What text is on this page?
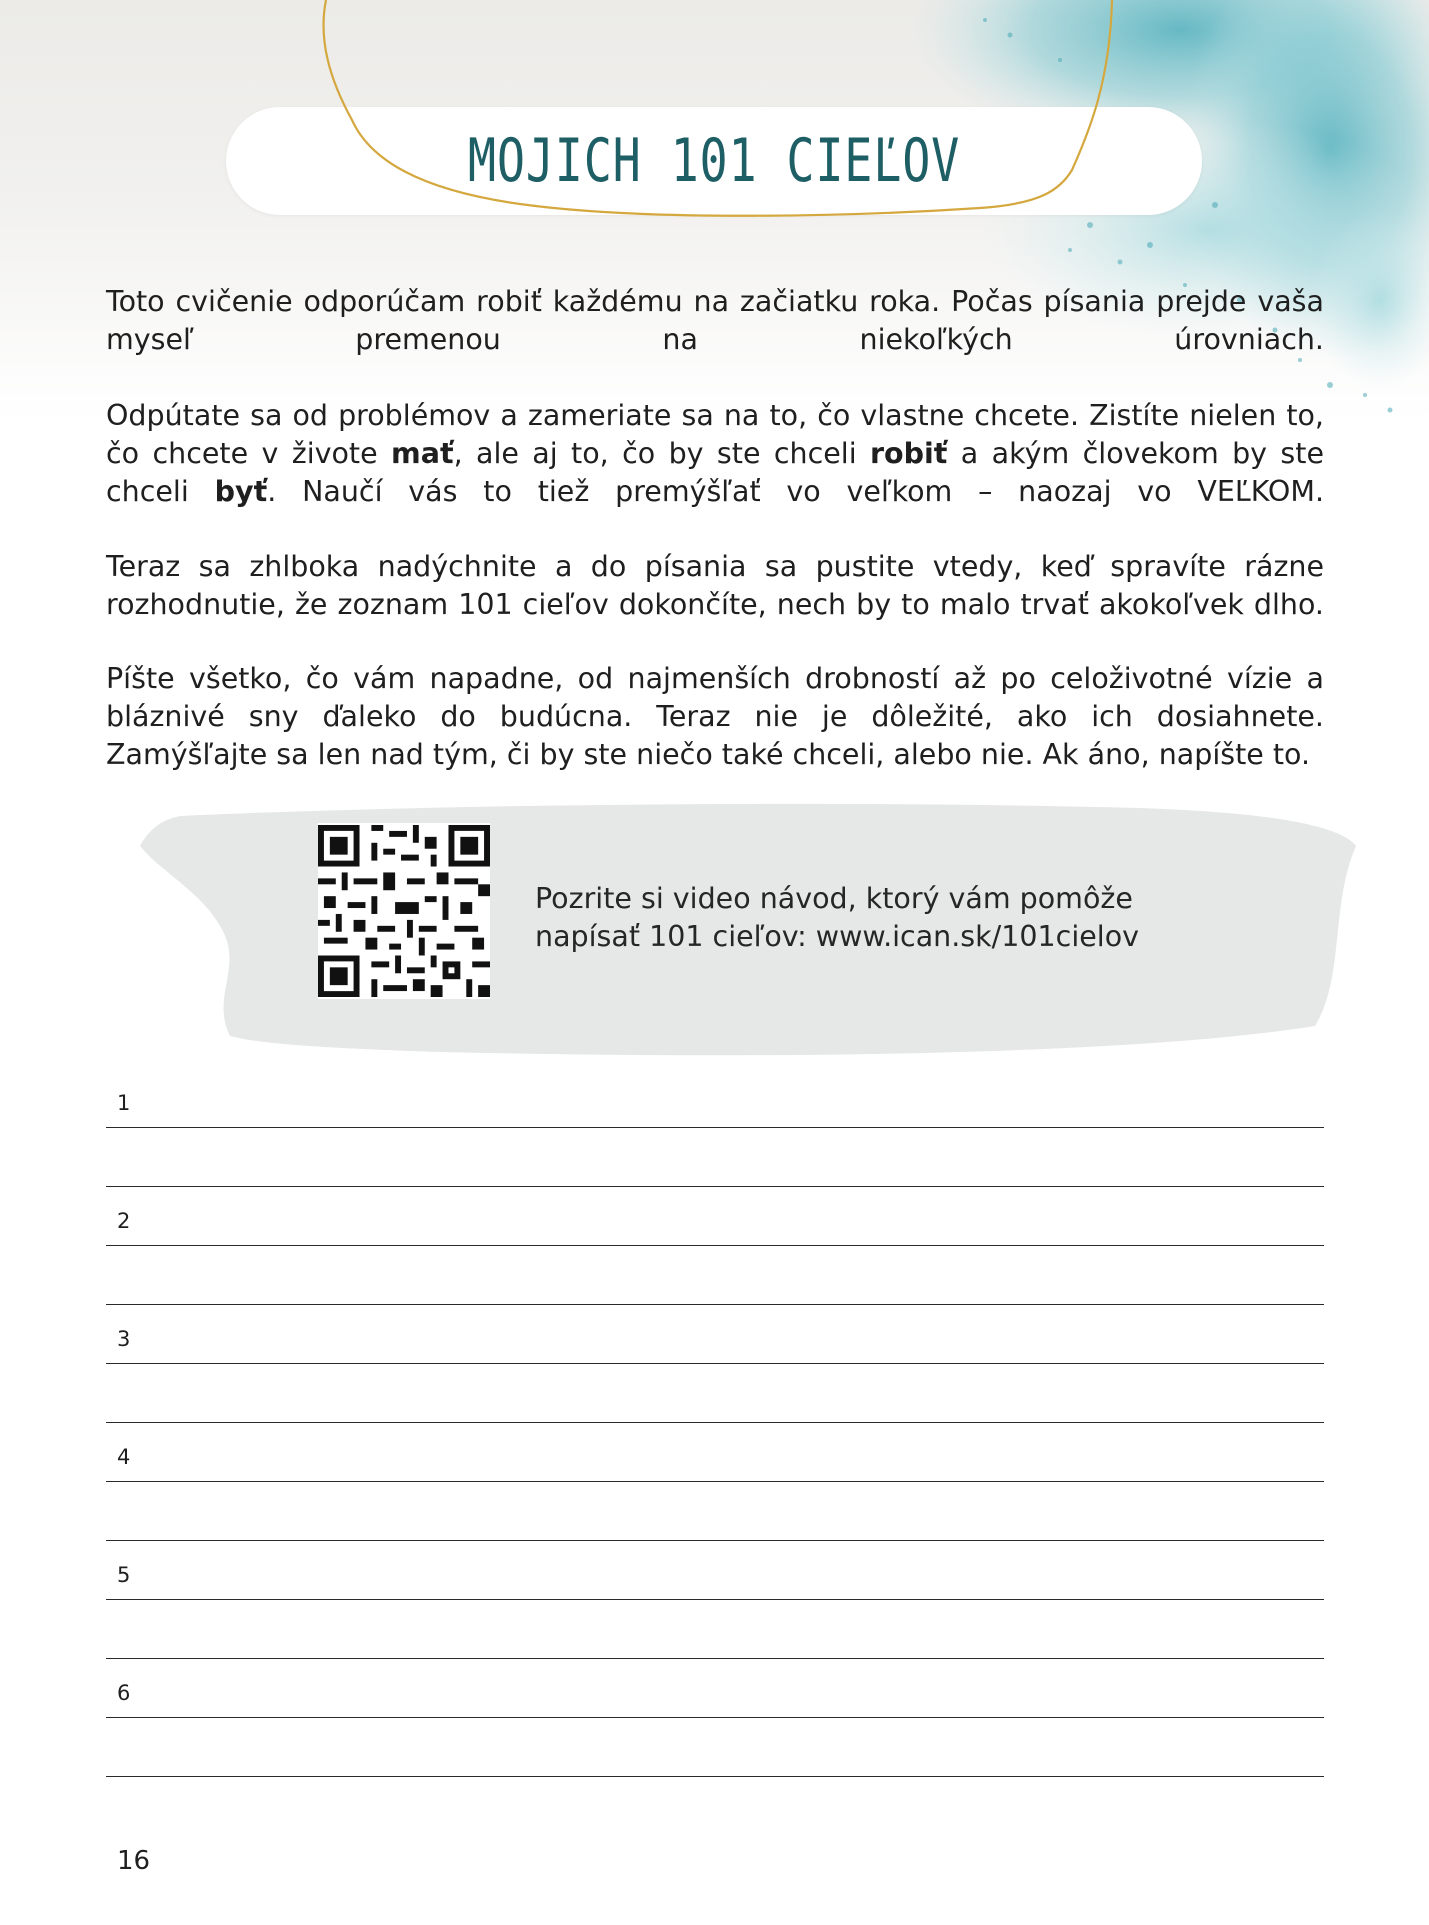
MOJICH 101 CIEĽOV

Toto cvičenie odporúčam robiť každému na začiatku roka. Počas písania prejde vaša myseľ premenou na niekoľkých úrovniach.

Odpútate sa od problémov a zameriate sa na to, čo vlastne chcete. Zistíte nielen to, čo chcete v živote mať, ale aj to, čo by ste chceli robiť a akým človekom by ste chceli byť. Naučí vás to tiež premýšľať vo veľkom – naozaj vo VEĽKOM.

Teraz sa zhlboka nadýchnite a do písania sa pustite vtedy, keď spravíte rázne rozhodnutie, že zoznam 101 cieľov dokončíte, nech by to malo trvať akokoľvek dlho.

Píšte všetko, čo vám napadne, od najmenších drobností až po celoživotné vízie a bláznivé sny ďaleko do budúcna. Teraz nie je dôležité, ako ich dosiahnete. Zamýšľajte sa len nad tým, či by ste niečo také chceli, alebo nie. Ak áno, napíšte to.

Pozrite si video návod, ktorý vám pomôže
napísať 101 cieľov: www.ican.sk/101cielov

1
2
3
4
5
6
16
